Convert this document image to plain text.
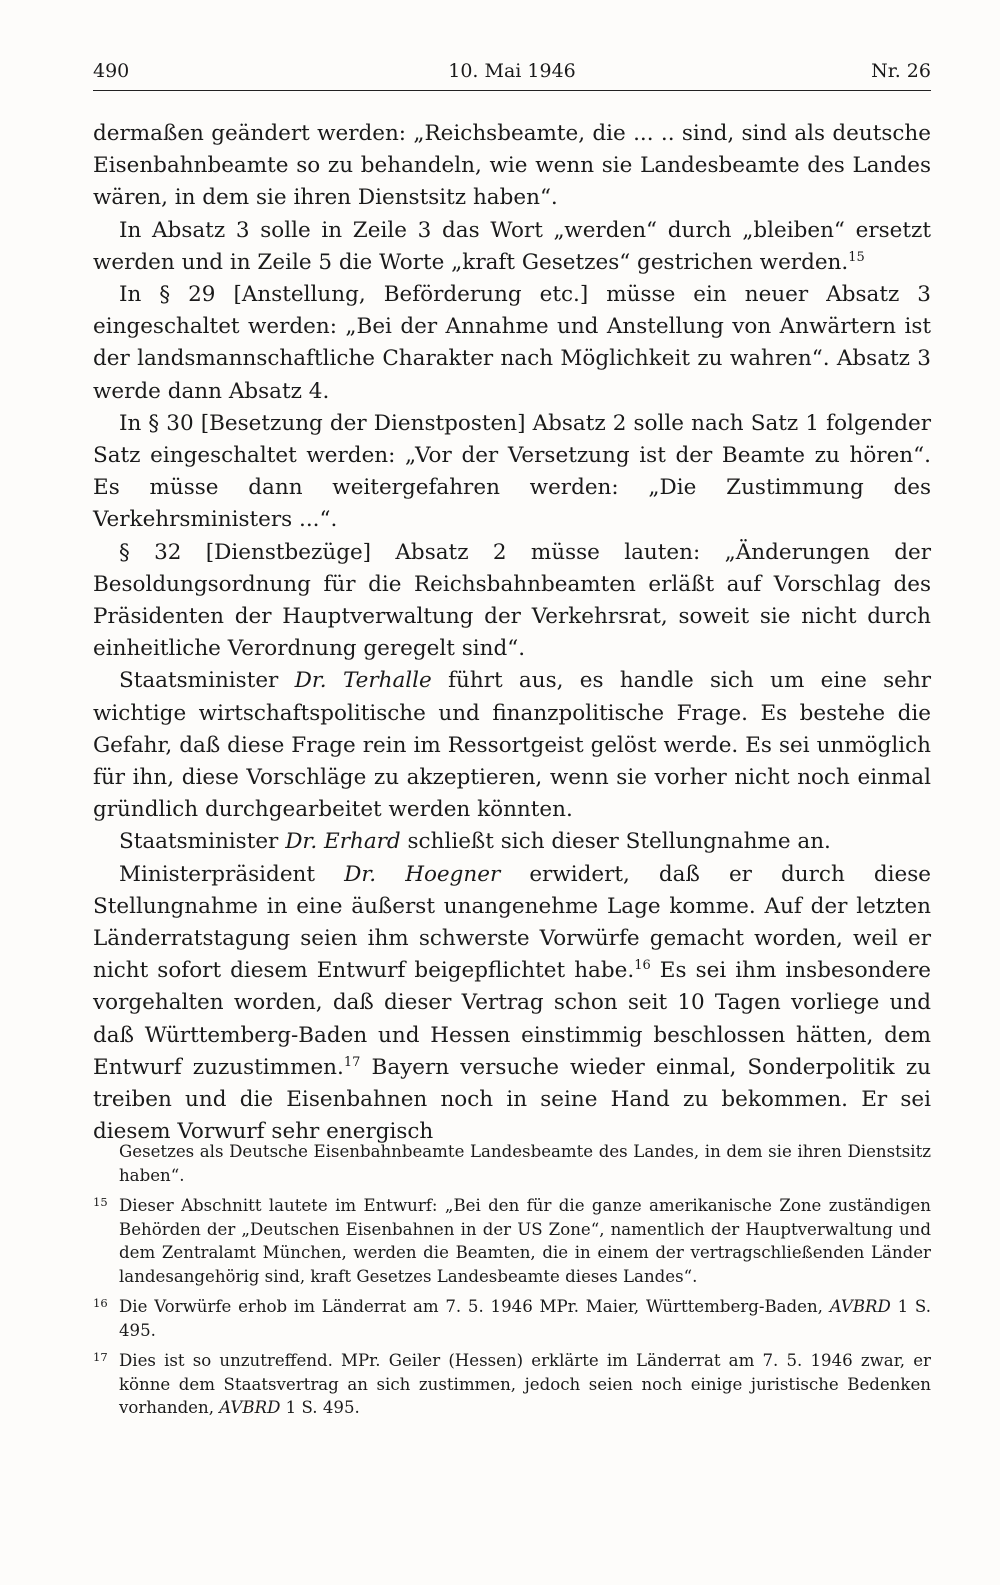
490	10. Mai 1946	Nr. 26

dermaßen geändert werden: „Reichsbeamte, die ... .. sind, sind als deutsche Eisenbahnbeamte so zu behandeln, wie wenn sie Landesbeamte des Landes wären, in dem sie ihren Dienstsitz haben“.

In Absatz 3 solle in Zeile 3 das Wort „werden“ durch „bleiben“ ersetzt werden und in Zeile 5 die Worte „kraft Gesetzes“ gestrichen werden.$^{15}$

In § 29 [Anstellung, Beförderung etc.] müsse ein neuer Absatz 3 eingeschaltet werden: „Bei der Annahme und Anstellung von Anwärtern ist der landsmannschaftliche Charakter nach Möglichkeit zu wahren“. Absatz 3 werde dann Absatz 4.

In § 30 [Besetzung der Dienstposten] Absatz 2 solle nach Satz 1 folgender Satz eingeschaltet werden: „Vor der Versetzung ist der Beamte zu hören“. Es müsse dann weitergefahren werden: „Die Zustimmung des Verkehrsministers ...“.

§ 32 [Dienstbezüge] Absatz 2 müsse lauten: „Änderungen der Besoldungsordnung für die Reichsbahnbeamten erläßt auf Vorschlag des Präsidenten der Hauptverwaltung der Verkehrsrat, soweit sie nicht durch einheitliche Verordnung geregelt sind“.

Staatsminister Dr. Terhalle führt aus, es handle sich um eine sehr wichtige wirtschaftspolitische und finanzpolitische Frage. Es bestehe die Gefahr, daß diese Frage rein im Ressortgeist gelöst werde. Es sei unmöglich für ihn, diese Vorschläge zu akzeptieren, wenn sie vorher nicht noch einmal gründlich durchgearbeitet werden könnten.

Staatsminister Dr. Erhard schließt sich dieser Stellungnahme an.

Ministerpräsident Dr. Hoegner erwidert, daß er durch diese Stellungnahme in eine äußerst unangenehme Lage komme. Auf der letzten Länderratstagung seien ihm schwerste Vorwürfe gemacht worden, weil er nicht sofort diesem Entwurf beigepflichtet habe.$^{16}$ Es sei ihm insbesondere vorgehalten worden, daß dieser Vertrag schon seit 10 Tagen vorliege und daß Württemberg-Baden und Hessen einstimmig beschlossen hätten, dem Entwurf zuzustimmen.$^{17}$ Bayern versuche wieder einmal, Sonderpolitik zu treiben und die Eisenbahnen noch in seine Hand zu bekommen. Er sei diesem Vorwurf sehr energisch

Gesetzes als Deutsche Eisenbahnbeamte Landesbeamte des Landes, in dem sie ihren Dienstsitz haben“.
15 Dieser Abschnitt lautete im Entwurf: „Bei den für die ganze amerikanische Zone zuständigen Behörden der „Deutschen Eisenbahnen in der US Zone“, namentlich der Hauptverwaltung und dem Zentralamt München, werden die Beamten, die in einem der vertragschließenden Länder landesangehörig sind, kraft Gesetzes Landesbeamte dieses Landes“.
16 Die Vorwürfe erhob im Länderrat am 7. 5. 1946 MPr. Maier, Württemberg-Baden, AVBRD 1 S. 495.
17 Dies ist so unzutreffend. MPr. Geiler (Hessen) erklärte im Länderrat am 7. 5. 1946 zwar, er könne dem Staatsvertrag an sich zustimmen, jedoch seien noch einige juristische Bedenken vorhanden, AVBRD 1 S. 495.
